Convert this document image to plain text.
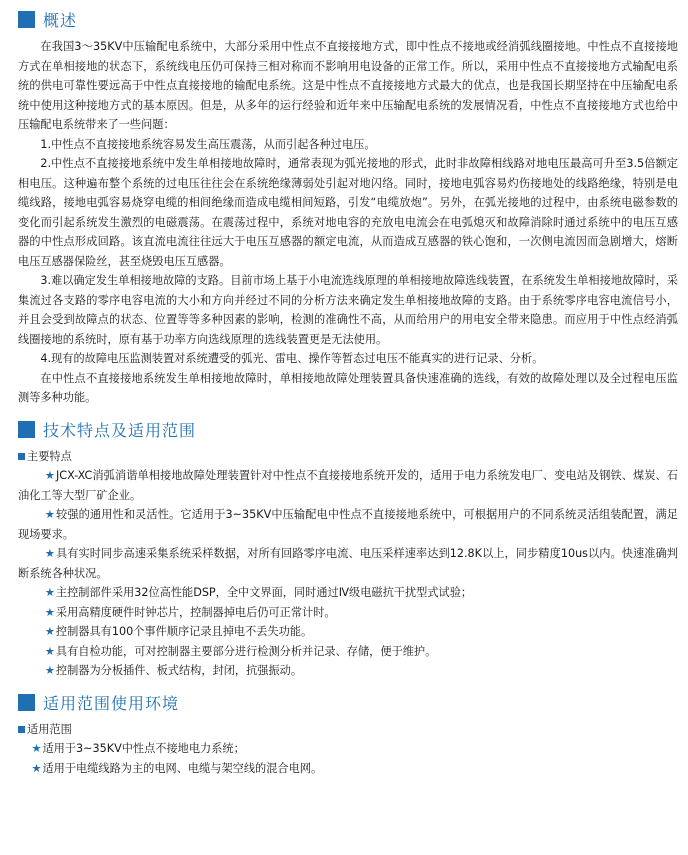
概述

在我国3～35KV中压输配电系统中，大部分采用中性点不直接接地方式，即中性点不接地或经消弧线圈接地。中性点不直接接地方式在单相接地的状态下，系统线电压仍可保持三相对称而不影响用电设备的正常工作。所以，采用中性点不直接接地方式输配电系统的供电可靠性要远高于中性点直接接地的输配电系统。这是中性点不直接接地方式最大的优点，也是我国长期坚持在中压输配电系统中使用这种接地方式的基本原因。但是，从多年的运行经验和近年来中压输配电系统的发展情况看，中性点不直接接地方式也给中压输配电系统带来了一些问题：

1.中性点不直接接地系统容易发生高压震荡，从而引起各种过电压。

2.中性点不直接接地系统中发生单相接地故障时，通常表现为弧光接地的形式，此时非故障相线路对地电压最高可升至3.5倍额定相电压。这种遍布整个系统的过电压往往会在系统绝缘薄弱处引起对地闪络。同时，接地电弧容易灼伤接地处的线路绝缘，特别是电缆线路，接地电弧容易烧穿电缆的相间绝缘而造成电缆相间短路，引发“电缆放炮”。另外，在弧光接地的过程中，由系统电磁参数的变化而引起系统发生激烈的电磁震荡。在震荡过程中，系统对地电容的充放电电流会在电弧熄灭和故障消除时通过系统中的电压互感器的中性点形成回路。该直流电流往往远大于电压互感器的额定电流，从而造成互感器的铁心饱和，一次侧电流因而急剧增大，熔断电压互感器保险丝，甚至烧毁电压互感器。

3.难以确定发生单相接地故障的支路。目前市场上基于小电流选线原理的单相接地故障选线装置，在系统发生单相接地故障时，采集流过各支路的零序电容电流的大小和方向并经过不同的分析方法来确定发生单相接地故障的支路。由于系统零序电容电流信号小，并且会受到故障点的状态、位置等等多种因素的影响，检测的准确性不高，从而给用户的用电安全带来隐患。而应用于中性点经消弧线圈接地的系统时，原有基于功率方向选线原理的选线装置更是无法使用。

4.现有的故障电压监测装置对系统遭受的弧光、雷电、操作等暂态过电压不能真实的进行记录、分析。

在中性点不直接接地系统发生单相接地故障时，单相接地故障处理装置具备快速准确的选线，有效的故障处理以及全过程电压监测等多种功能。

技术特点及适用范围

主要特点

★JCX-XC消弧消谐单相接地故障处理装置针对中性点不直接接地系统开发的，适用于电力系统发电厂、变电站及钢铁、煤炭、石油化工等大型厂矿企业。

★较强的通用性和灵活性。它适用于3~35KV中压输配电中性点不直接接地系统中，可根据用户的不同系统灵活组装配置，满足现场要求。

★具有实时同步高速采集系统采样数据，对所有回路零序电流、电压采样速率达到12.8K以上，同步精度10us以内。快速准确判断系统各种状况。

★主控制部件采用32位高性能DSP，全中文界面，同时通过Ⅳ级电磁抗干扰型式试验；

★采用高精度硬件时钟芯片，控制器掉电后仍可正常计时。

★控制器具有100个事件顺序记录且掉电不丢失功能。

★具有自检功能，可对控制器主要部分进行检测分析并记录、存储，便于维护。

★控制器为分板插件、板式结构，封闭，抗强振动。

适用范围使用环境

适用范围

★适用于3~35KV中性点不接地电力系统；

★适用于电缆线路为主的电网、电缆与架空线的混合电网。
